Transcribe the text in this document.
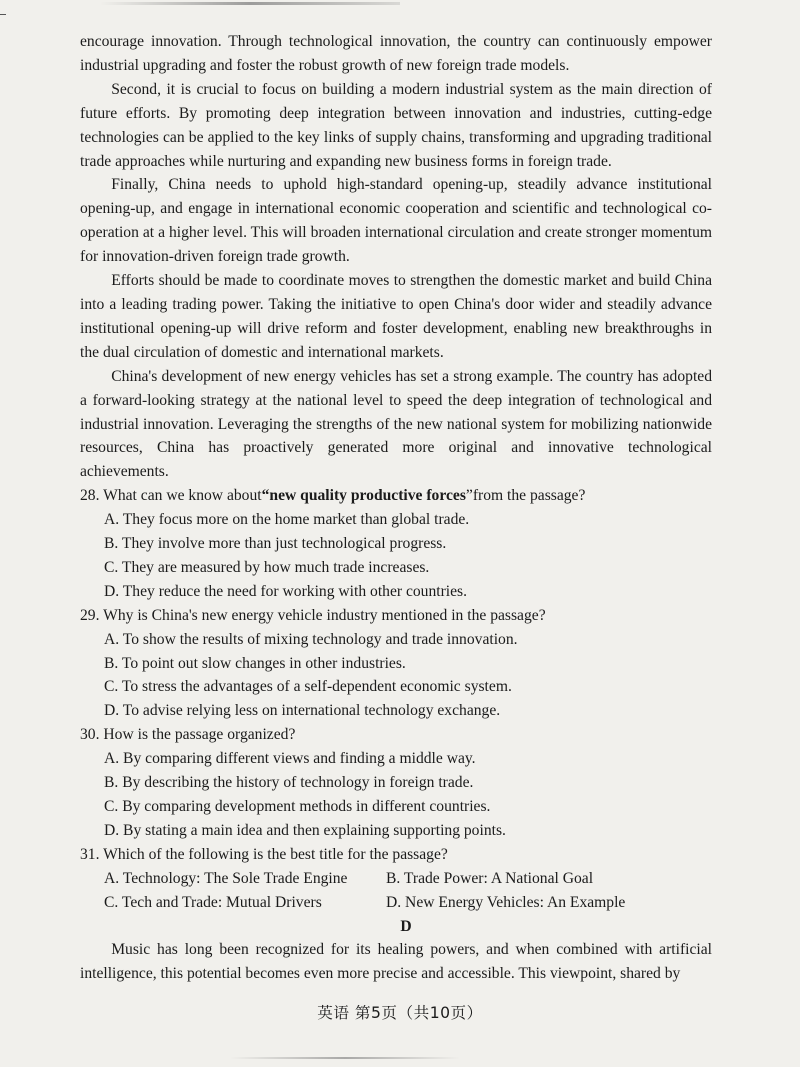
encourage innovation. Through technological innovation, the country can continuously empower industrial upgrading and foster the robust growth of new foreign trade models.

Second, it is crucial to focus on building a modern industrial system as the main direction of future efforts. By promoting deep integration between innovation and industries, cutting-edge technologies can be applied to the key links of supply chains, transforming and upgrading traditional trade approaches while nurturing and expanding new business forms in foreign trade.

Finally, China needs to uphold high-standard opening-up, steadily advance institutional opening-up, and engage in international economic cooperation and scientific and technological co-operation at a higher level. This will broaden international circulation and create stronger momentum for innovation-driven foreign trade growth.

Efforts should be made to coordinate moves to strengthen the domestic market and build China into a leading trading power. Taking the initiative to open China's door wider and steadily advance institutional opening-up will drive reform and foster development, enabling new breakthroughs in the dual circulation of domestic and international markets.

China's development of new energy vehicles has set a strong example. The country has adopted a forward-looking strategy at the national level to speed the deep integration of technological and industrial innovation. Leveraging the strengths of the new national system for mobilizing nationwide resources, China has proactively generated more original and innovative technological achievements.

28. What can we know about“new quality productive forces”from the passage?
A. They focus more on the home market than global trade.
B. They involve more than just technological progress.
C. They are measured by how much trade increases.
D. They reduce the need for working with other countries.
29. Why is China's new energy vehicle industry mentioned in the passage?
A. To show the results of mixing technology and trade innovation.
B. To point out slow changes in other industries.
C. To stress the advantages of a self-dependent economic system.
D. To advise relying less on international technology exchange.
30. How is the passage organized?
A. By comparing different views and finding a middle way.
B. By describing the history of technology in foreign trade.
C. By comparing development methods in different countries.
D. By stating a main idea and then explaining supporting points.
31. Which of the following is the best title for the passage?
A. Technology: The Sole Trade Engine	B. Trade Power: A National Goal
C. Tech and Trade: Mutual Drivers	D. New Energy Vehicles: An Example

D

Music has long been recognized for its healing powers, and when combined with artificial intelligence, this potential becomes even more precise and accessible. This viewpoint, shared by

英语 第5页（共10页）
